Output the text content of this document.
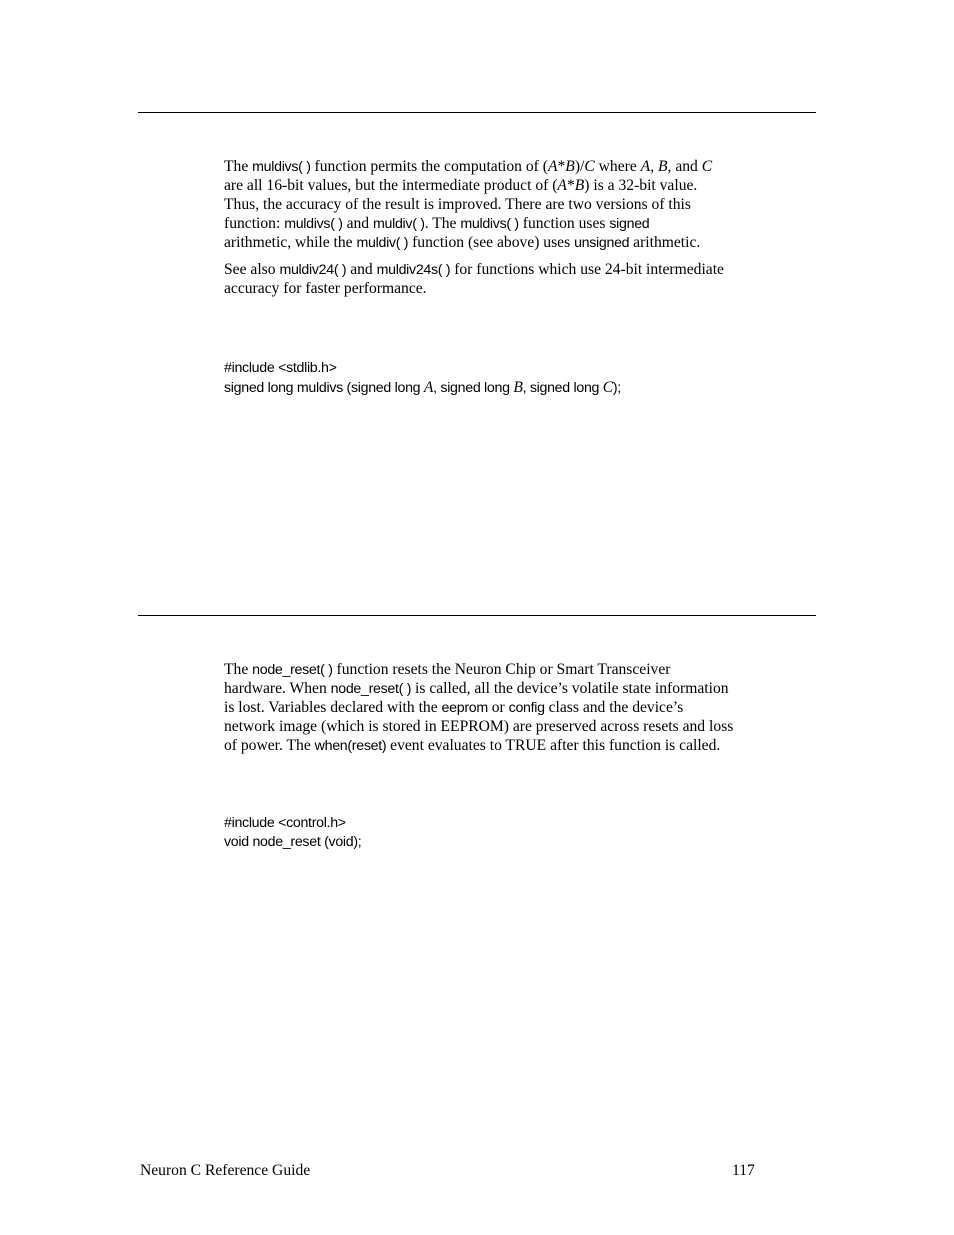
The muldivs( ) function permits the computation of (A*B)/C where A, B, and C
are all 16-bit values, but the intermediate product of (A*B) is a 32-bit value.
Thus, the accuracy of the result is improved. There are two versions of this
function: muldivs( ) and muldiv( ). The muldivs( ) function uses signed
arithmetic, while the muldiv( ) function (see above) uses unsigned arithmetic.
See also muldiv24( ) and muldiv24s( ) for functions which use 24-bit intermediate
accuracy for faster performance.
#include <stdlib.h>
signed long muldivs (signed long A, signed long B, signed long C);
The node_reset( ) function resets the Neuron Chip or Smart Transceiver
hardware. When node_reset( ) is called, all the device’s volatile state information
is lost. Variables declared with the eeprom or config class and the device’s
network image (which is stored in EEPROM) are preserved across resets and loss
of power. The when(reset) event evaluates to TRUE after this function is called.
#include <control.h>
void node_reset (void);
Neuron C Reference Guide	117
